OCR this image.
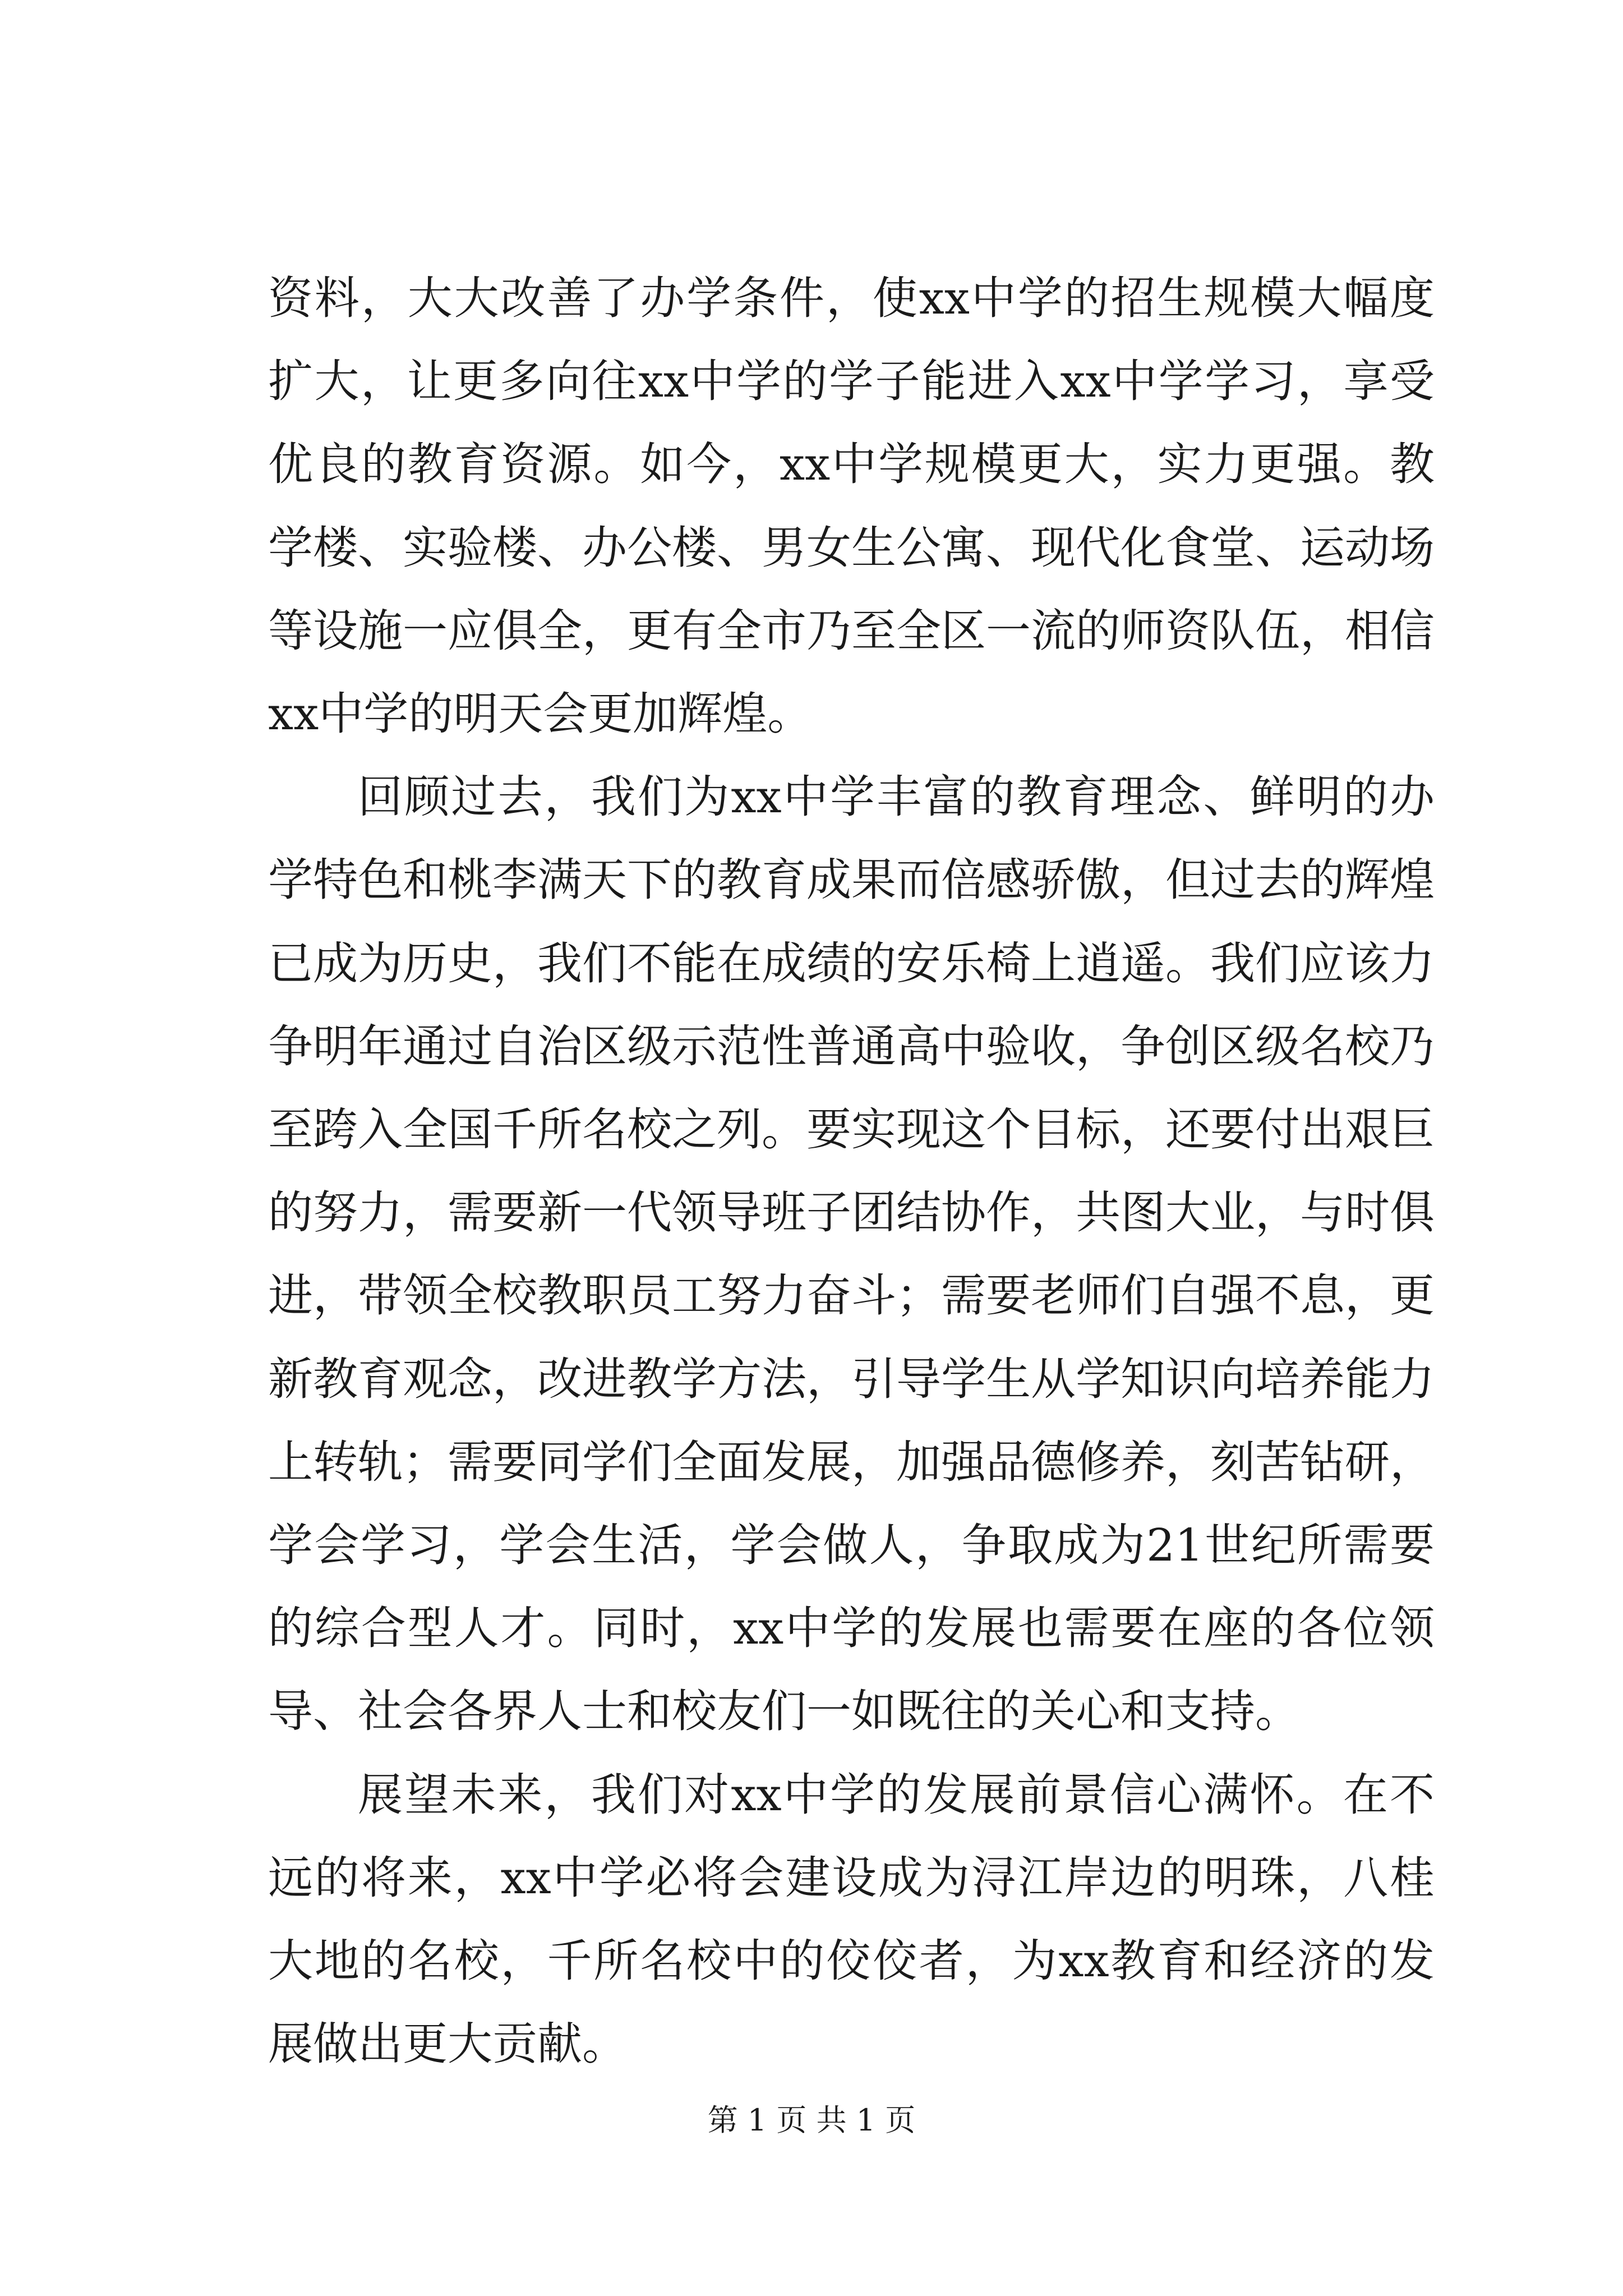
资料，大大改善了办学条件，使xx中学的招生规模大幅度扩大，让更多向往xx中学的学子能进入xx中学学习，享受优良的教育资源。如今，xx中学规模更大，实力更强。教学楼、实验楼、办公楼、男女生公寓、现代化食堂、运动场等设施一应俱全，更有全市乃至全区一流的师资队伍，相信xx中学的明天会更加辉煌。

回顾过去，我们为xx中学丰富的教育理念、鲜明的办学特色和桃李满天下的教育成果而倍感骄傲，但过去的辉煌已成为历史，我们不能在成绩的安乐椅上逍遥。我们应该力争明年通过自治区级示范性普通高中验收，争创区级名校乃至跨入全国千所名校之列。要实现这个目标，还要付出艰巨的努力，需要新一代领导班子团结协作，共图大业，与时俱进，带领全校教职员工努力奋斗；需要老师们自强不息，更新教育观念，改进教学方法，引导学生从学知识向培养能力上转轨；需要同学们全面发展，加强品德修养，刻苦钻研，学会学习，学会生活，学会做人，争取成为21世纪所需要的综合型人才。同时，xx中学的发展也需要在座的各位领导、社会各界人士和校友们一如既往的关心和支持。

展望未来，我们对xx中学的发展前景信心满怀。在不远的将来，xx中学必将会建设成为浔江岸边的明珠，八桂大地的名校，千所名校中的佼佼者，为xx教育和经济的发展做出更大贡献。

第 1 页 共 1 页
